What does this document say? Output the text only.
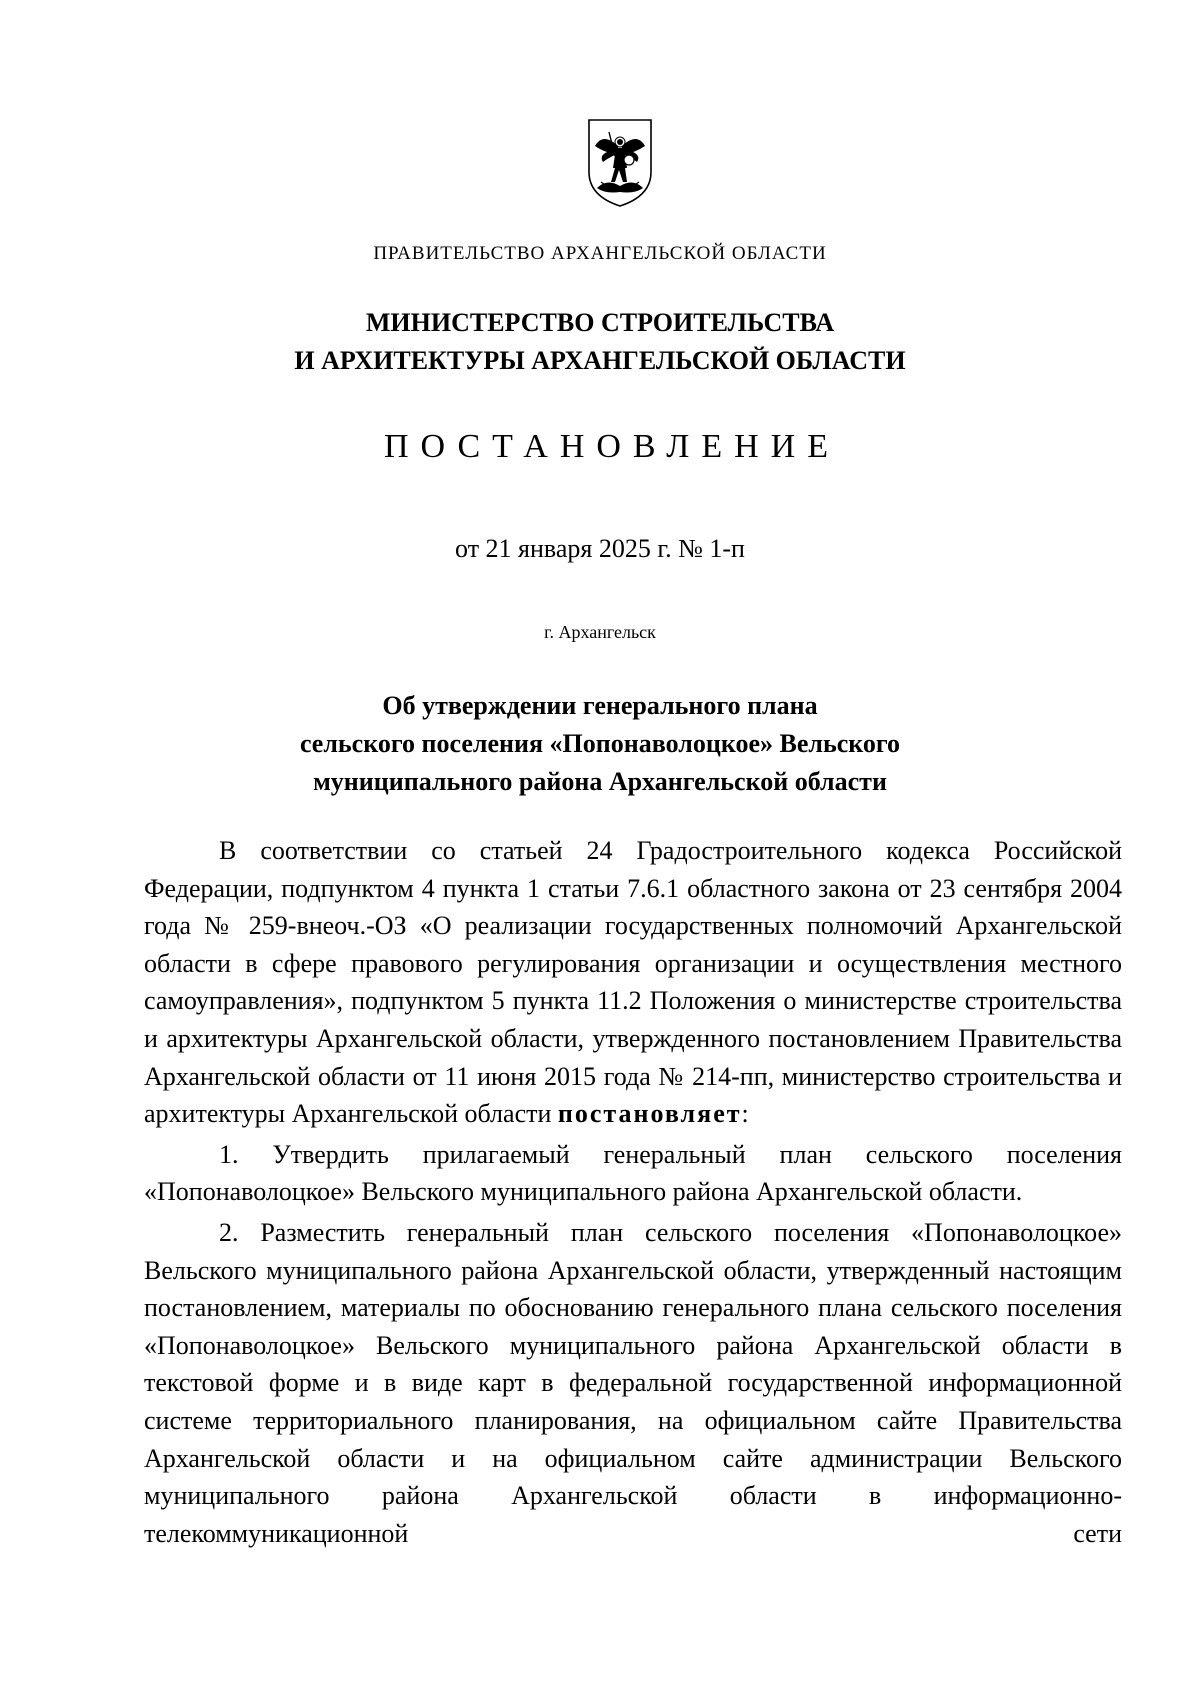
ПРАВИТЕЛЬСТВО АРХАНГЕЛЬСКОЙ ОБЛАСТИ
МИНИСТЕРСТВО СТРОИТЕЛЬСТВА
И АРХИТЕКТУРЫ АРХАНГЕЛЬСКОЙ ОБЛАСТИ
ПОСТАНОВЛЕНИЕ
от 21 января 2025 г. № 1-п
г. Архангельск
Об утверждении генерального плана
сельского поселения «Попонаволоцкое» Вельского
муниципального района Архангельской области

В соответствии со статьей 24 Градостроительного кодекса Российской Федерации, подпунктом 4 пункта 1 статьи 7.6.1 областного закона от 23 сентября 2004 года № 259-внеоч.-ОЗ «О реализации государственных полномочий Архангельской области в сфере правового регулирования организации и осуществления местного самоуправления», подпунктом 5 пункта 11.2 Положения о министерстве строительства и архитектуры Архангельской области, утвержденного постановлением Правительства Архангельской области от 11 июня 2015 года № 214-пп, министерство строительства и архитектуры Архангельской области постановляет:

1. Утвердить прилагаемый генеральный план сельского поселения «Попонаволоцкое» Вельского муниципального района Архангельской области.

2. Разместить генеральный план сельского поселения «Попонаволоцкое» Вельского муниципального района Архангельской области, утвержденный настоящим постановлением, материалы по обоснованию генерального плана сельского поселения «Попонаволоцкое» Вельского муниципального района Архангельской области в текстовой форме и в виде карт в федеральной государственной информационной системе территориального планирования, на официальном сайте Правительства Архангельской области и на официальном сайте администрации Вельского муниципального района Архангельской области в информационно-телекоммуникационной сети
